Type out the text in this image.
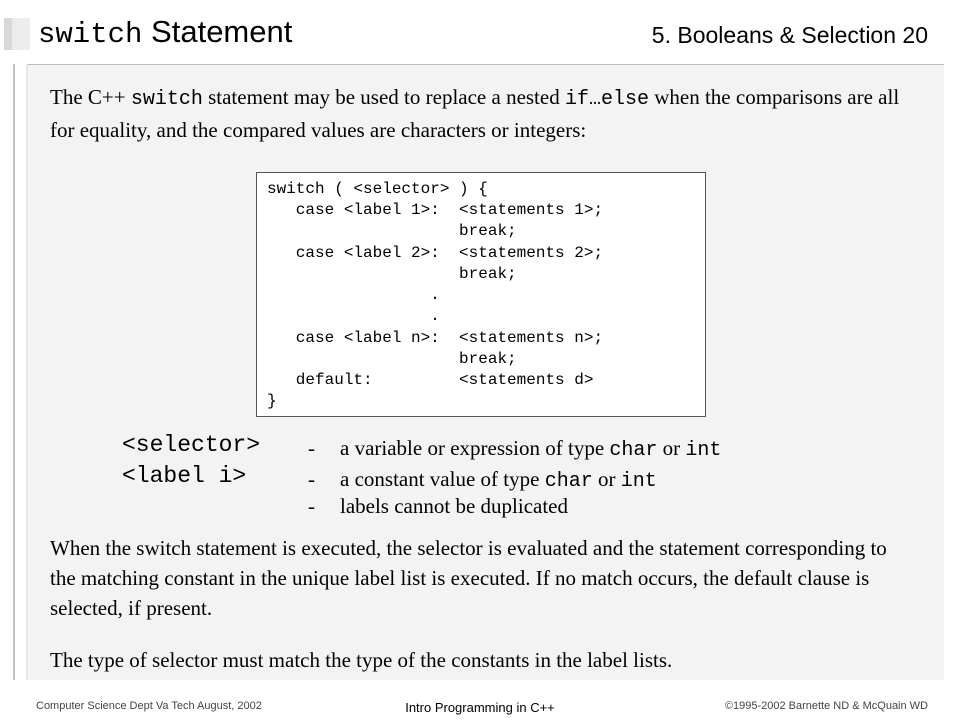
switch Statement	5. Booleans & Selection 20

The C++ switch statement may be used to replace a nested if…else when the comparisons are all for equality, and the compared values are characters or integers:

switch ( <selector> ) {
case <label 1>:  <statements 1>;
break;
case <label 2>:  <statements 2>;
break;
.
.
case <label n>:  <statements n>;
break;
default:         <statements d>
}

<selector> - a variable or expression of type char or int

<label i>	- a constant value of type char or int

- labels cannot be duplicated

When the switch statement is executed, the selector is evaluated and the statement corresponding to the matching constant in the unique label list is executed. If no match occurs, the default clause is selected, if present.

The type of selector must match the type of the constants in the label lists.

Computer Science Dept Va Tech August, 2002	Intro Programming in C++	©1995-2002 Barnette ND & McQuain WD
